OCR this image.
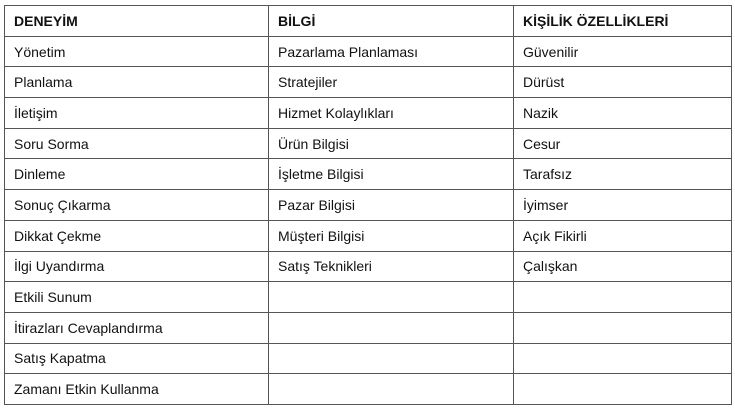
DENEYİM	BİLGİ	KİŞİLİK ÖZELLİKLERİ
Yönetim	Pazarlama Planlaması	Güvenilir
Planlama	Stratejiler	Dürüst
İletişim	Hizmet Kolaylıkları	Nazik
Soru Sorma	Ürün Bilgisi	Cesur
Dinleme	İşletme Bilgisi	Tarafsız
Sonuç Çıkarma	Pazar Bilgisi	İyimser
Dikkat Çekme	Müşteri Bilgisi	Açık Fikirli
İlgi Uyandırma	Satış Teknikleri	Çalışkan
Etkili Sunum		
İtirazları Cevaplandırma		
Satış Kapatma		
Zamanı Etkin Kullanma		
